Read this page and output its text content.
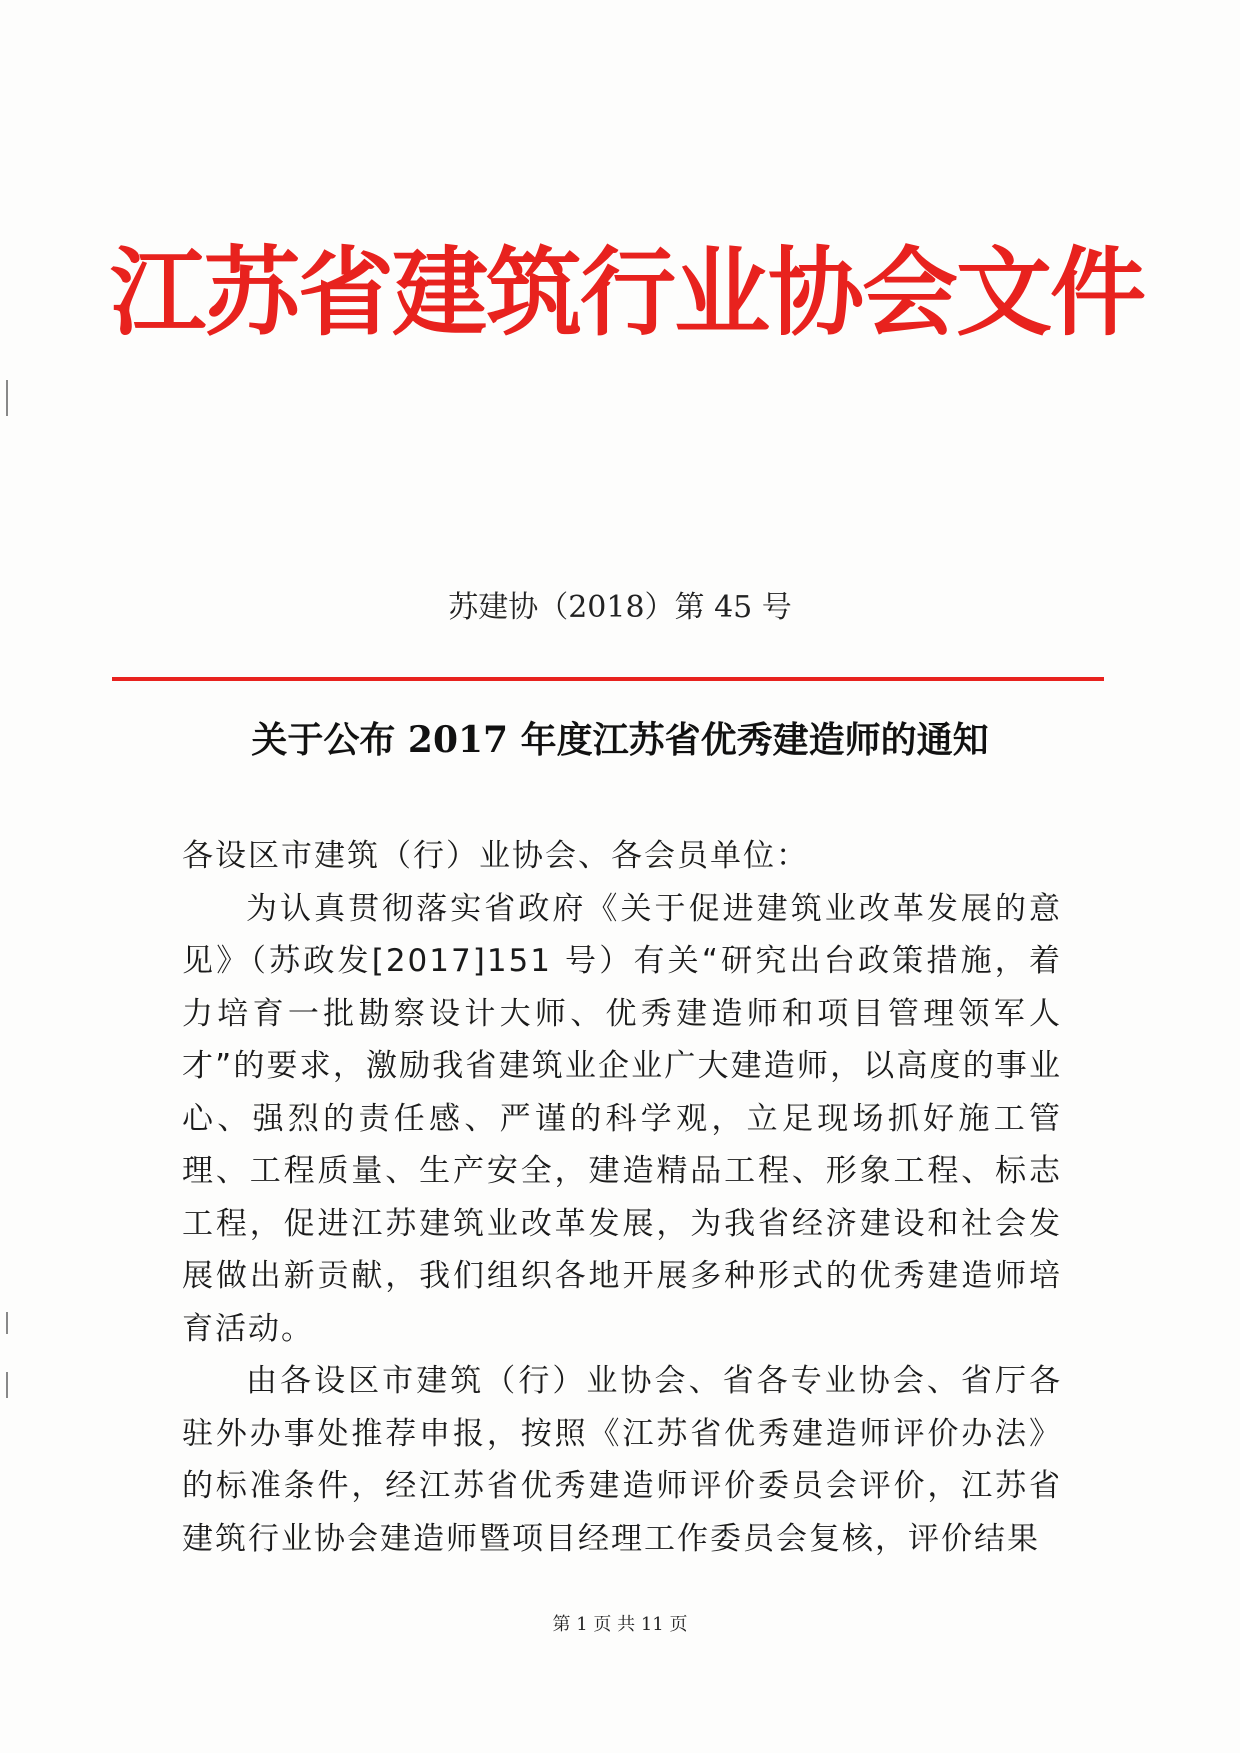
江苏省建筑行业协会文件
苏建协（2018）第 45 号
关于公布 2017 年度江苏省优秀建造师的通知

各设区市建筑（行）业协会、各会员单位：

为认真贯彻落实省政府《关于促进建筑业改革发展的意见》（苏政发[2017]151 号）有关“研究出台政策措施，着力培育一批勘察设计大师、优秀建造师和项目管理领军人才”的要求，激励我省建筑业企业广大建造师，以高度的事业心、强烈的责任感、严谨的科学观，立足现场抓好施工管理、工程质量、生产安全，建造精品工程、形象工程、标志工程，促进江苏建筑业改革发展，为我省经济建设和社会发展做出新贡献，我们组织各地开展多种形式的优秀建造师培育活动。

由各设区市建筑（行）业协会、省各专业协会、省厅各驻外办事处推荐申报，按照《江苏省优秀建造师评价办法》的标准条件，经江苏省优秀建造师评价委员会评价，江苏省建筑行业协会建造师暨项目经理工作委员会复核，评价结果

第 1 页 共 11 页
